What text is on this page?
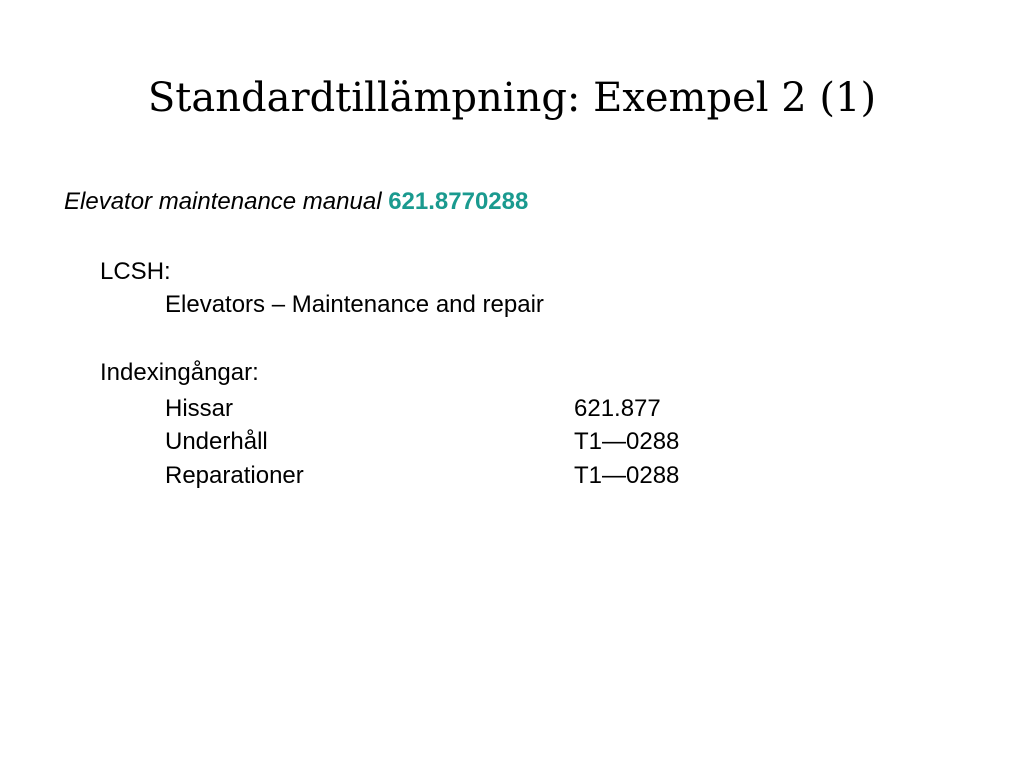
Standardtillämpning: Exempel 2 (1)
Elevator maintenance manual 621.8770288
LCSH:
Elevators – Maintenance and repair
Indexingångar:
Hissar	621.877
Underhåll	T1—0288
Reparationer	T1—0288
